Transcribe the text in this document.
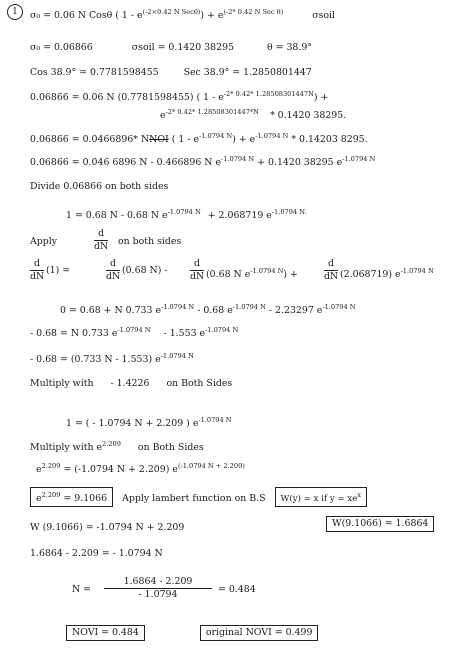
1	σ₀ = 0.06 N Cosθ ( $1 - e^{(-2\times 0.42 N Sec\theta)}) + e^{(-2* 0.42 N Sec \theta)}$	σsoil
σ₀ = 0.06866	σsoil = 0.1420 38295	θ = 38.9°
Cos 38.9° = 0.7781598455	Sec 38.9° = 1.2850801447
0.06866 = 0.06 N (0.7781598455) ( $1 - e^{-2* 0.42* 1.28508301447N}$) +
$e^{-2* 0.42* 1.28508301447*N} * 0.1420$ 38295.
0.06866 = 0.0466896* NNOI ( $1 - e^{-1.0794 N}) + e^{-1.0794 N} * 0.14203$ 8295.
0.06866 = 0.046 6896 N - 0.466896 N $e^{-1.0794 N} + 0.1420$ 38295 $e^{-1.0794 N}$
Divide 0.06866 on both sides
1 = 0.68 N - 0.68 N $e^{-1.0794 N} + 2.068719$ $e^{-1.0794 N.}$
Apply	$\frac{d}{dN}$ on both sides
$\frac{d}{dN} (1)$ =	$\frac{d}{dN} (0.68$ $N) - \frac{d}{dN} (0.68$ N $e^{-1.0794 N}$) +	$\frac{d}{dN} (2.068719)$ $e^{-1.0794 N}$
0 = 0.68 + N 0.733 $e^{-1.0794 N} - 0.68$ $e^{-1.0794 N} - 2.23297$ $e^{-1.0794 N}$
- 0.68 = N 0.733 $e^{-1.0794 N} - 1.553$ $e^{-1.0794 N}$
- 0.68 = (0.733 N - 1.553) $e^{-1.0794 N}$
Multiply with - 1.4226 on Both Sides
1 = ( - 1.0794 N + 2.209 ) $e^{-1.0794 N}$
Multiply with $e^{2.209}$ on Both Sides
$e^{2.209} = (-1.0794$ N + 2.209) $e^{(-1.0794 N + 2.209)}$
$e^{2.209} = 9.1066$ Apply lambert function on B.S W(y) = x if $y = xe^x$
W (9.1066) = -1.0794 N + 2.209	W(9.1066) = 1.6864
1.6864 - 2.209 = - 1.0794 N
$N = \frac{1.6864 - 2.209}{- 1.0794} = 0.484$
NOVI = 0.484	original NOVI = 0.499
